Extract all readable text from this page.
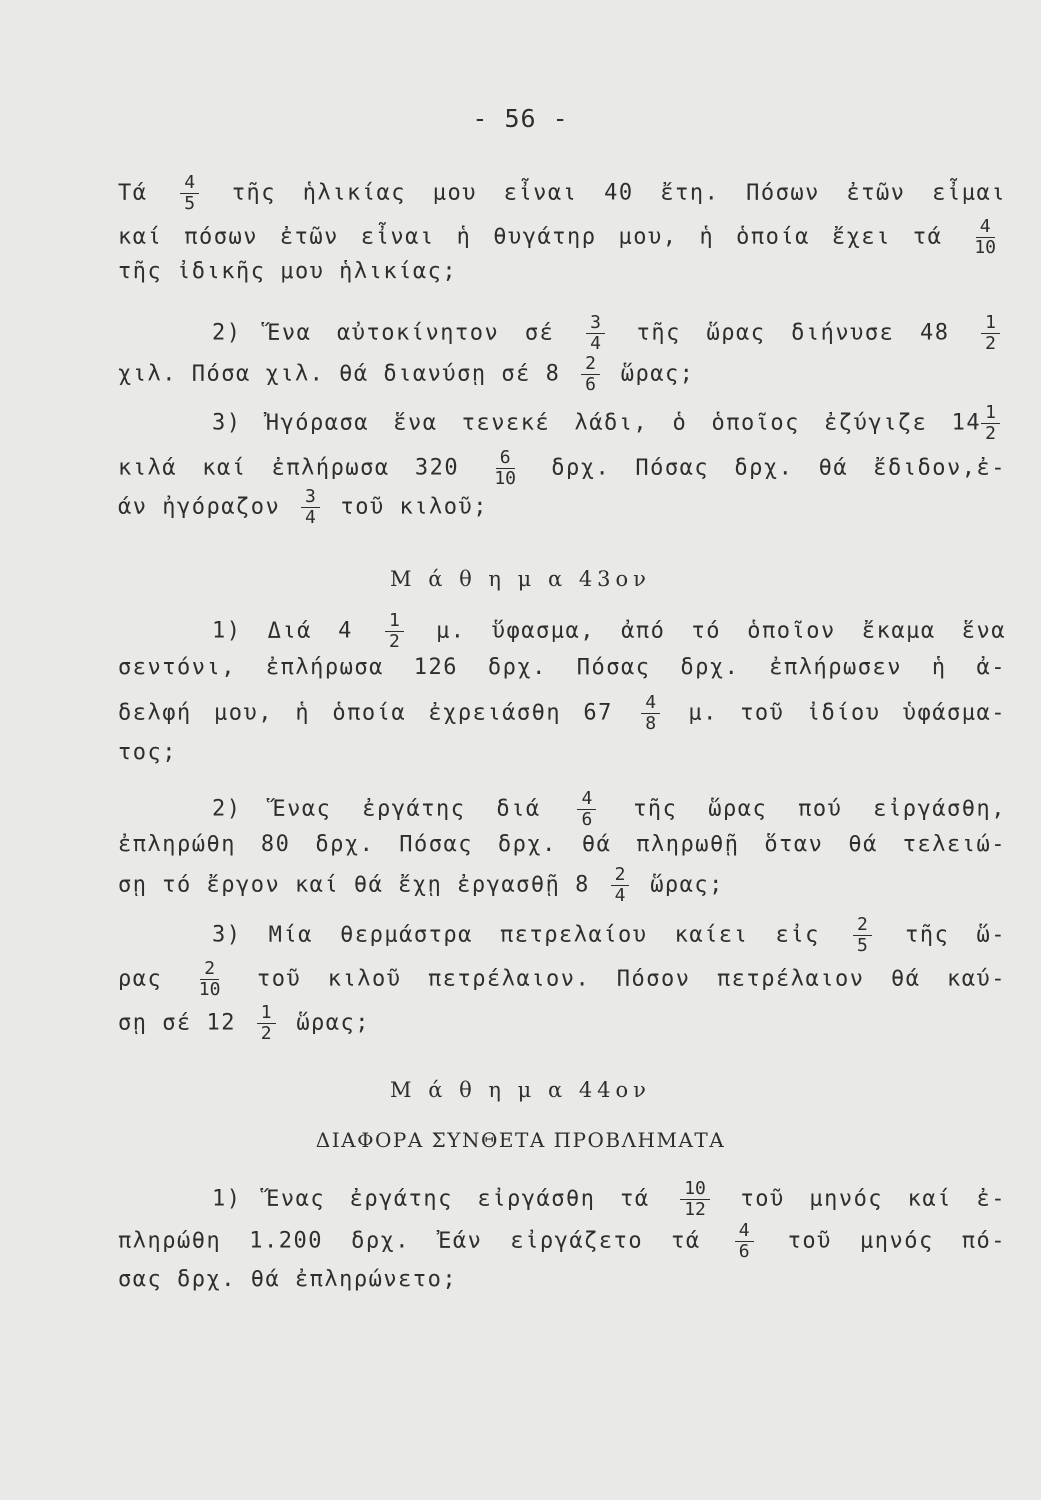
- 56 -
Τά $\frac{4}{5}$ τῆς ἡλικίας μου εἶναι 40 ἔτη. Πόσων ἐτῶν εἶμαι
καί πόσων ἐτῶν εἶναι ἡ θυγάτηρ μου, ἡ ὁποία ἔχει τά $\frac{4}{10}$
τῆς ἰδικῆς μου ἡλικίας;
2) Ἕνα αὐτοκίνητον σέ $\frac{3}{4}$ τῆς ὥρας διήνυσε $48 \frac{1}{2}$
χιλ. Πόσα χιλ. θά διανύσῃ σέ $8 \frac{2}{6}$ ὥρας;
3) Ἠγόρασα ἕνα τενεκέ λάδι, ὁ ὁποῖος ἐζύγιζε $14 \frac{1}{2}$
κιλά καί ἐπλήρωσα $320 \frac{6}{10} \delta\rho\chi$. Πόσας δρχ. θά ἔδιδον,ἐ-
άν ἠγόραζον $\frac{3}{4}$ τοῦ κιλοῦ;
Μ ά θ η μ α 43ον
1) Διά $4 \frac{1}{2} \mu$. ὕφασμα, ἀπό τό ὁποῖον ἔκαμα ἕνα
σεντόνι, ἐπλήρωσα 126 δρχ. Πόσας δρχ. ἐπλήρωσεν ἡ ἀ-
δελφή μου, ἡ ὁποία ἐχρειάσθη $67 \frac{4}{8} \mu$. τοῦ ἰδίου ὑφάσμα-
τος;
2) Ἕνας ἐργάτης διά $\frac{4}{6}$ τῆς ὥρας πού εἰργάσθη,
ἐπληρώθη 80 δρχ. Πόσας δρχ. θά πληρωθῇ ὅταν θά τελειώ-
σῃ τό ἔργον καί θά ἔχῃ ἐργασθῇ $8 \frac{2}{4}$ ὥρας;
3) Μία θερμάστρα πετρελαίου καίει εἰς $\frac{2}{5}$ τῆς ὥ-
ρας $\frac{2}{10}$ τοῦ κιλοῦ πετρέλαιον. Πόσον πετρέλαιον θά καύ-
σῃ σέ $12 \frac{1}{2}$ ὥρας;
Μ ά θ η μ α 44ον
ΔΙΑΦΟΡΑ ΣΥΝΘΕΤΑ ΠΡΟΒΛΗΜΑΤΑ
1) Ἕνας ἐργάτης εἰργάσθη τά $\frac{10}{12}$ τοῦ μηνός καί ἐ-
πληρώθη 1.200 δρχ. Ἐάν εἰργάζετο τά $\frac{4}{6}$ τοῦ μηνός πό-
σας δρχ. θά ἐπληρώνετο;
